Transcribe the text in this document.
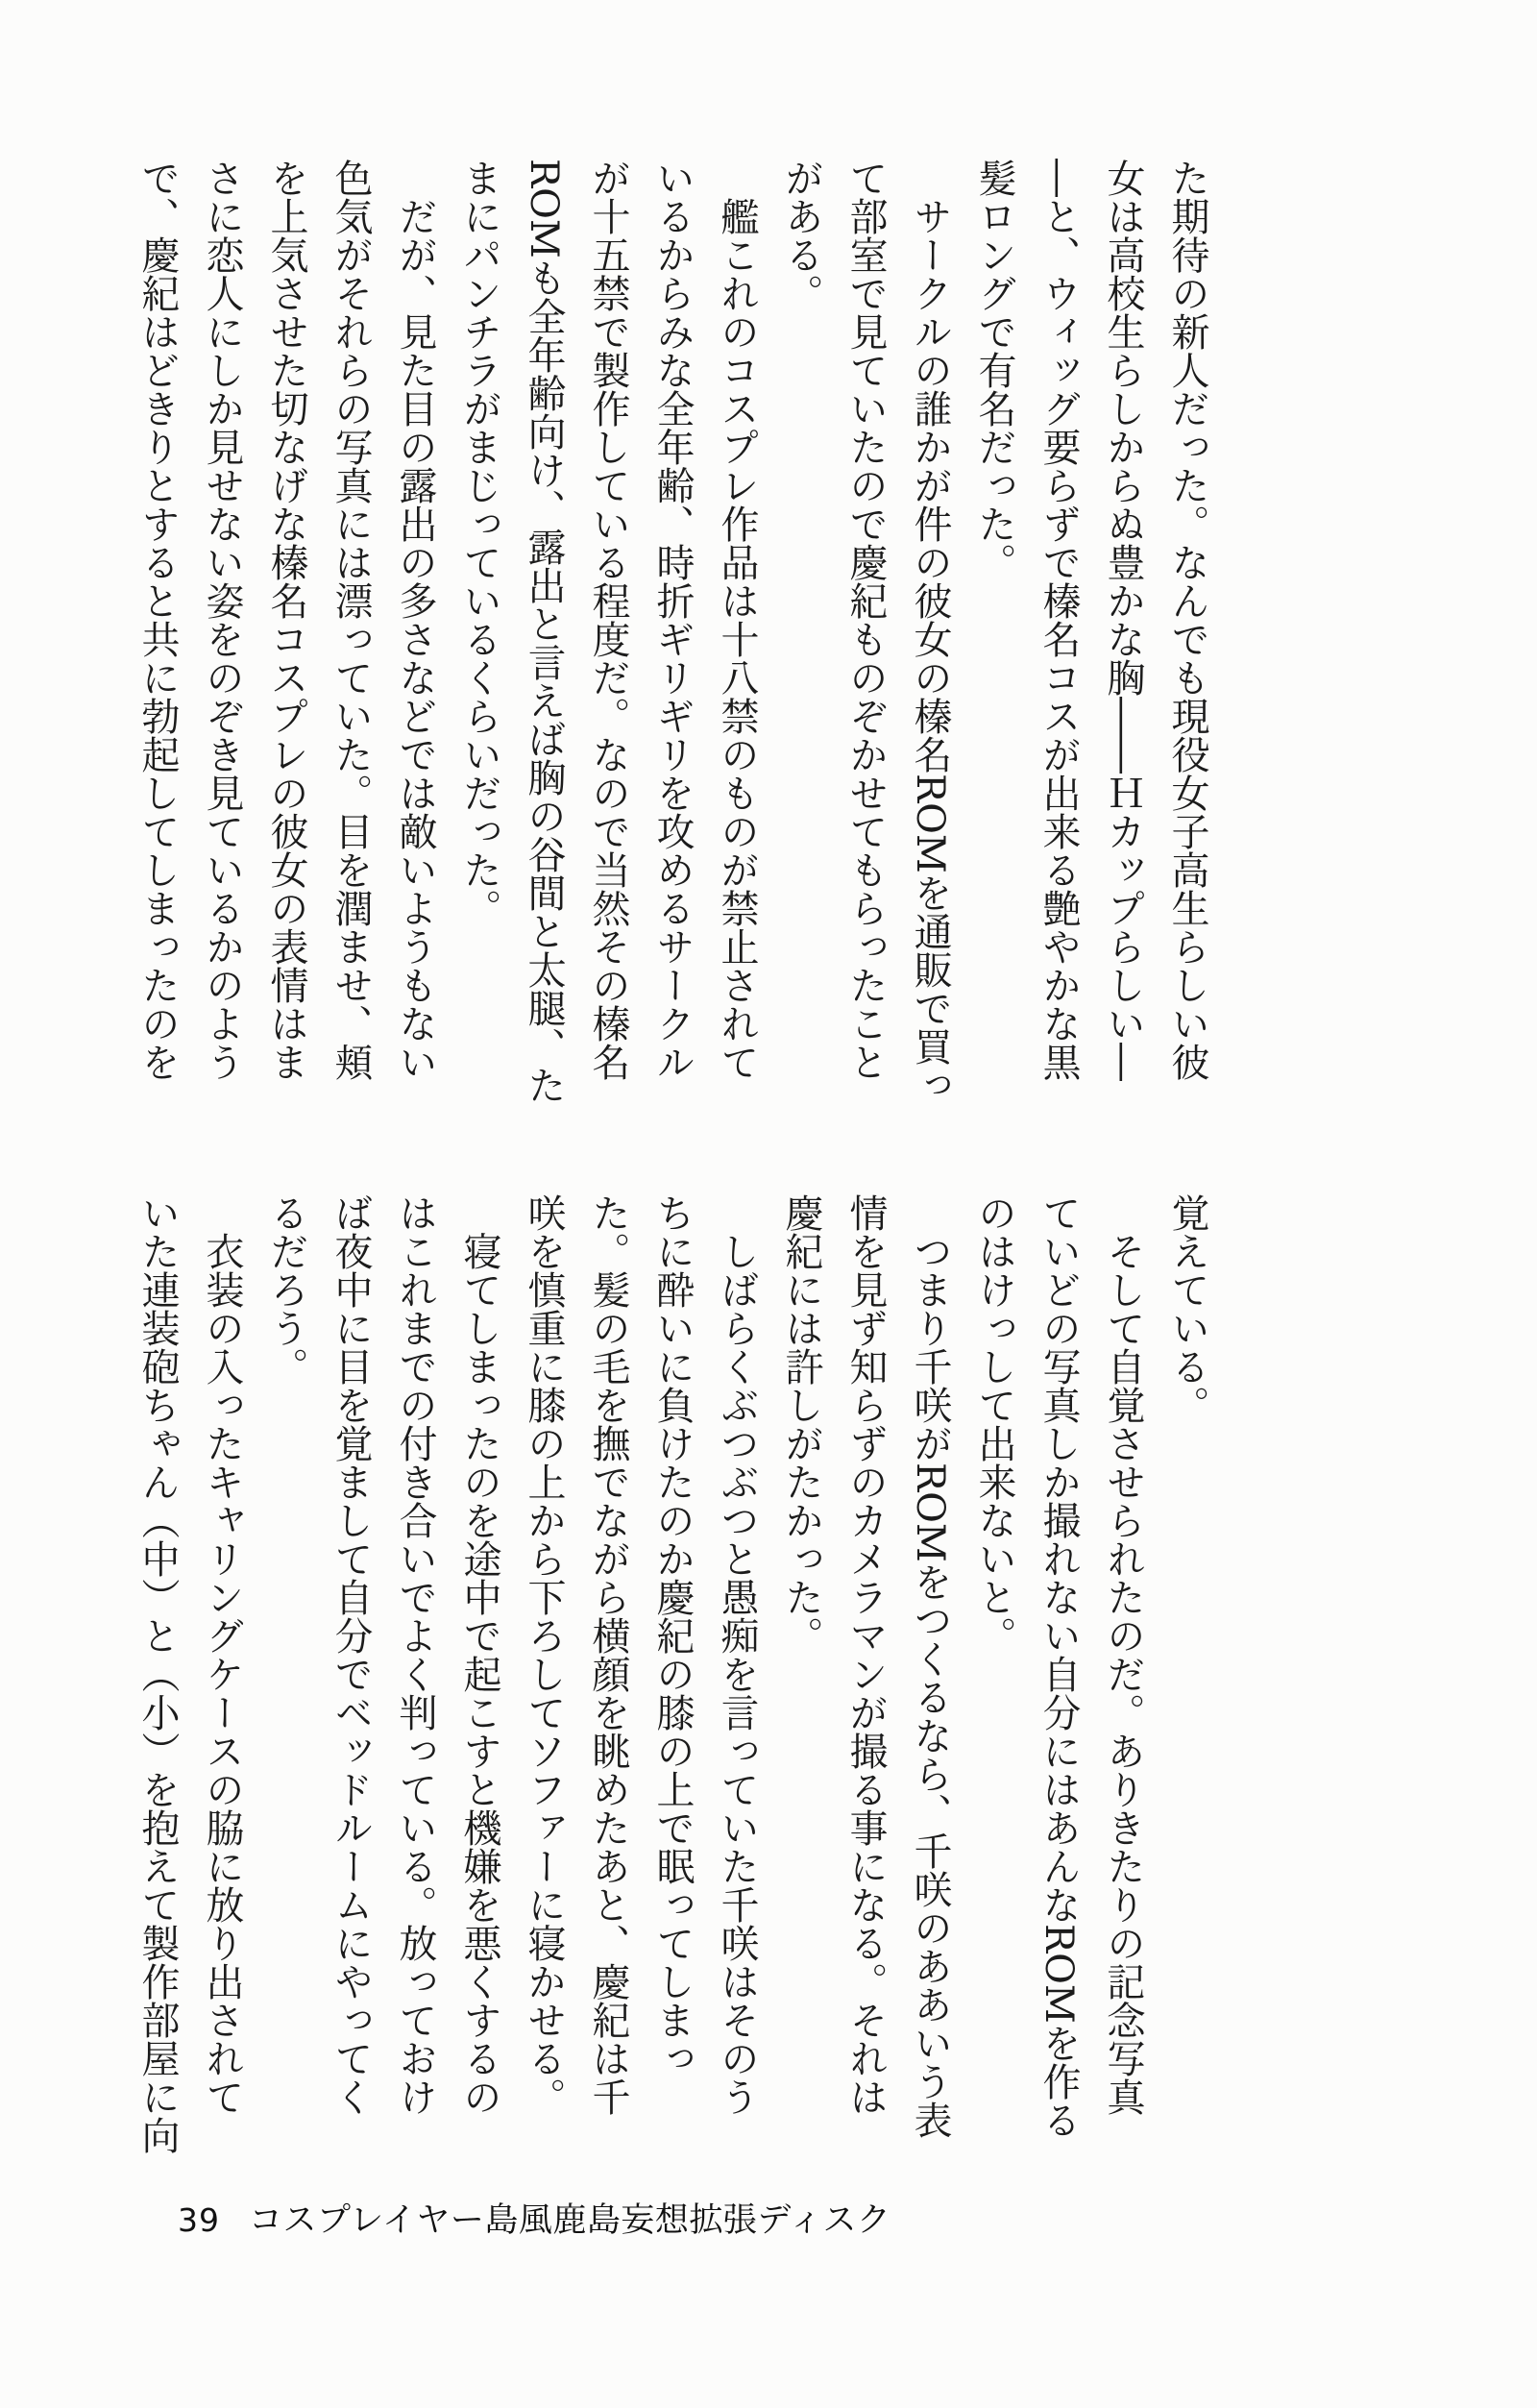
た期待の新人だった。なんでも現役女子高生らしい彼

女は高校生らしからぬ豊かな胸――Ｈカップらしい―

―と、ウィッグ要らずで榛名コスが出来る艶やかな黒

髪ロングで有名だった。

　サークルの誰かが件の彼女の榛名ROMを通販で買っ

て部室で見ていたので慶紀ものぞかせてもらったこと

がある。

　艦これのコスプレ作品は十八禁のものが禁止されて

いるからみな全年齢、時折ギリギリを攻めるサークル

が十五禁で製作している程度だ。なので当然その榛名

ROMも全年齢向け、露出と言えば胸の谷間と太腿、た

まにパンチラがまじっているくらいだった。

　だが、見た目の露出の多さなどでは敵いようもない

色気がそれらの写真には漂っていた。目を潤ませ、頬

を上気させた切なげな榛名コスプレの彼女の表情はま

さに恋人にしか見せない姿をのぞき見ているかのよう

で、慶紀はどきりとすると共に勃起してしまったのを

覚えている。

　そして自覚させられたのだ。ありきたりの記念写真

ていどの写真しか撮れない自分にはあんなROMを作る

のはけっして出来ないと。

　つまり千咲がROMをつくるなら、千咲のああいう表

情を見ず知らずのカメラマンが撮る事になる。それは

慶紀には許しがたかった。

　しばらくぶつぶつと愚痴を言っていた千咲はそのう

ちに酔いに負けたのか慶紀の膝の上で眠ってしまっ

た。髪の毛を撫でながら横顔を眺めたあと、慶紀は千

咲を慎重に膝の上から下ろしてソファーに寝かせる。

　寝てしまったのを途中で起こすと機嫌を悪くするの

はこれまでの付き合いでよく判っている。放っておけ

ば夜中に目を覚まして自分でベッドルームにやってく

るだろう。

　衣装の入ったキャリングケースの脇に放り出されて

いた連装砲ちゃん（中）と（小）を抱えて製作部屋に向

39 コスプレイヤー島風鹿島妄想拡張ディスク
